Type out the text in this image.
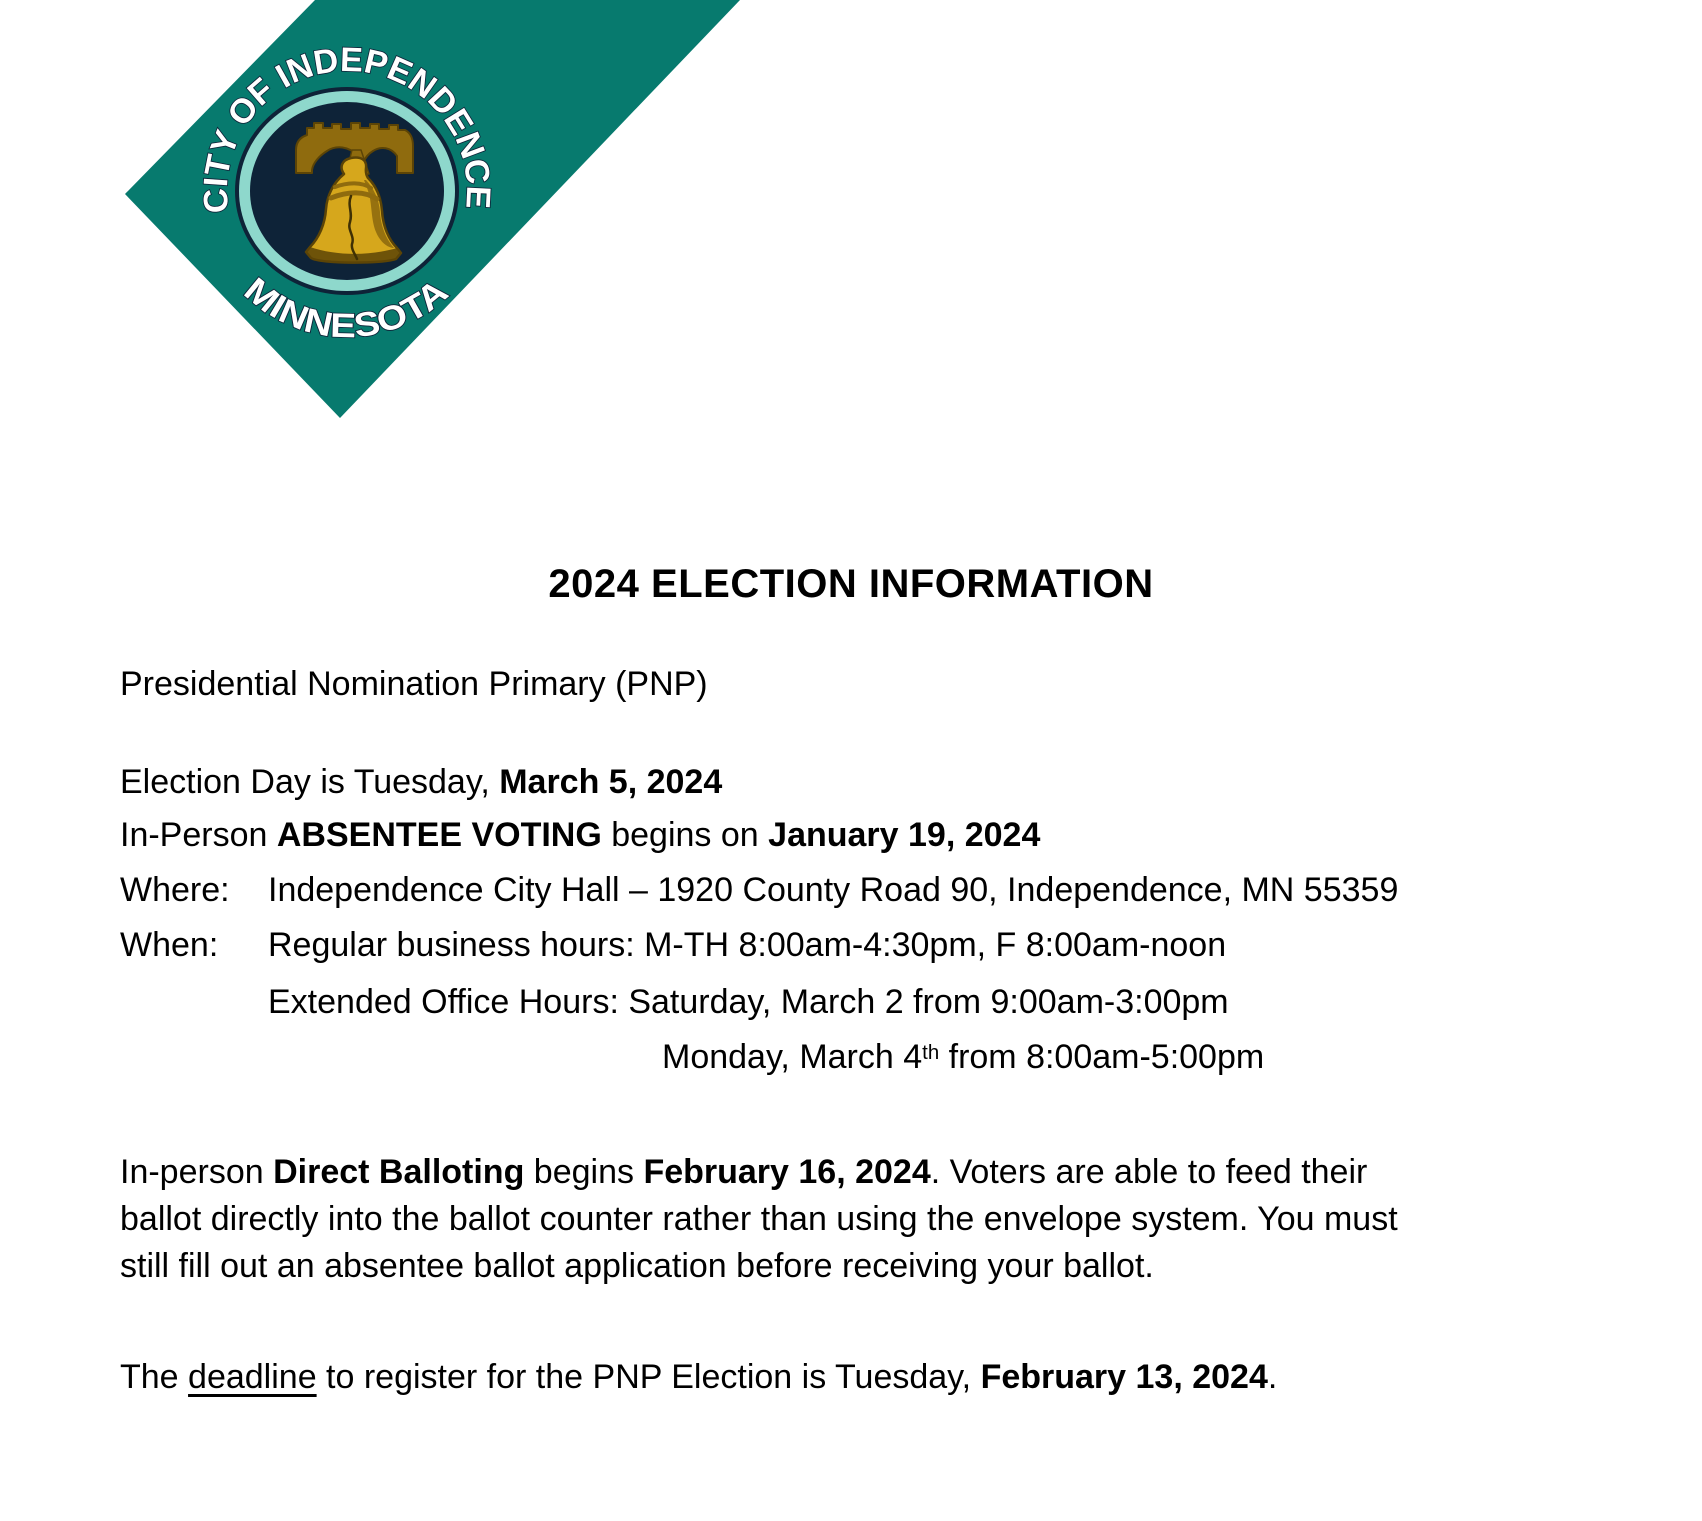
CITY OF INDEPENDENCE
MINNESOTA
2024 ELECTION INFORMATION
Presidential Nomination Primary (PNP)
Election Day is Tuesday, March 5, 2024
In-Person ABSENTEE VOTING begins on January 19, 2024
Where:	Independence City Hall – 1920 County Road 90, Independence, MN 55359
When:	Regular business hours: M-TH 8:00am-4:30pm, F 8:00am-noon
Extended Office Hours: Saturday, March 2 from 9:00am-3:00pm
Monday, March 4th from 8:00am-5:00pm
In-person Direct Balloting begins February 16, 2024. Voters are able to feed their
ballot directly into the ballot counter rather than using the envelope system. You must
still fill out an absentee ballot application before receiving your ballot.
The deadline to register for the PNP Election is Tuesday, February 13, 2024.
